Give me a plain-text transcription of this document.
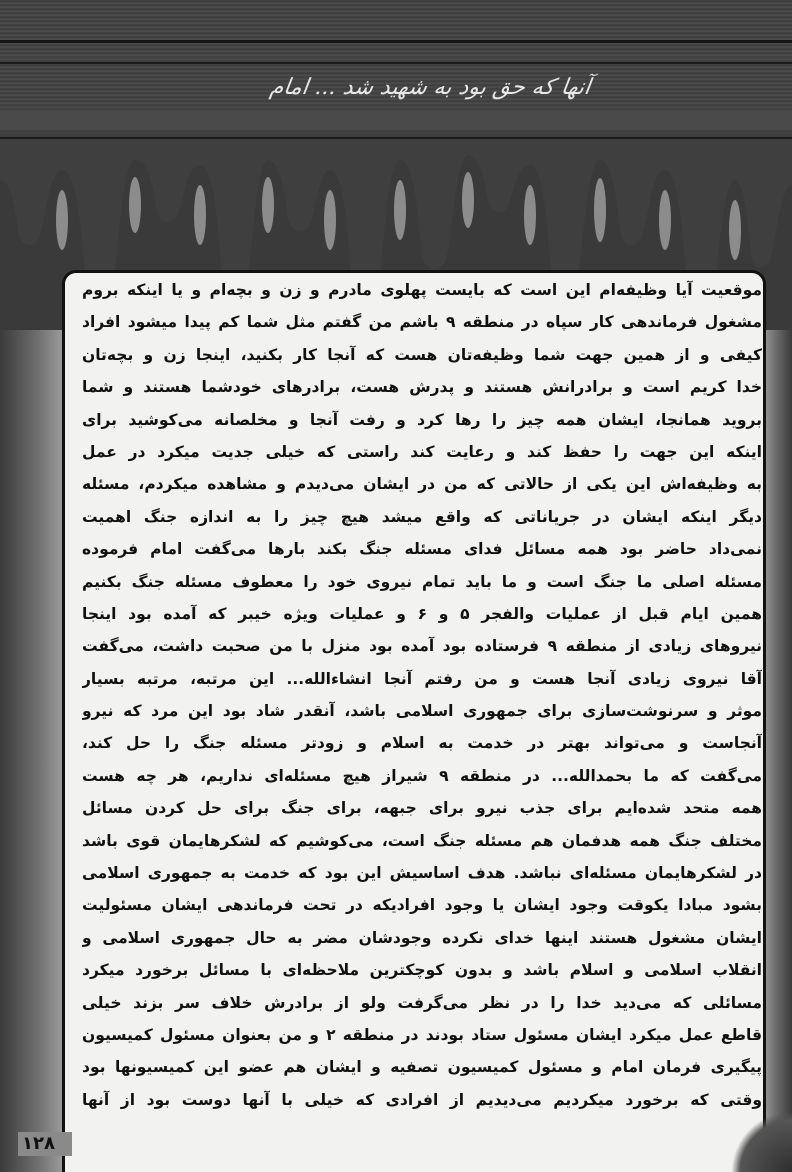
آنها که حق بود به شهید شد ... امام
موقعیت آیا وظیفه‌ام این است که بایست پهلوی مادرم و زن و بچه‌ام و یا اینکه بروم
مشغول فرماندهی کار سپاه در منطقه ۹ باشم من گفتم مثل شما کم پیدا میشود افراد
کیفی و از همین جهت شما وظیفه‌تان هست که آنجا کار بکنید، اینجا زن و بچه‌تان
خدا کریم است و برادرانش هستند و پدرش هست، برادرهای خودشما هستند و شما
بروید همانجا، ایشان همه چیز را رها کرد و رفت آنجا و مخلصانه می‌کوشید برای
اینکه این جهت را حفظ کند و رعایت کند راستی که خیلی جدیت میکرد در عمل
به وظیفه‌اش این یکی از حالاتی که من در ایشان می‌دیدم و مشاهده میکردم، مسئله
دیگر اینکه ایشان در جریاناتی که واقع میشد هیچ چیز را به اندازه جنگ اهمیت
نمی‌داد حاضر بود همه مسائل فدای مسئله جنگ بکند بارها می‌گفت امام فرموده
مسئله اصلی ما جنگ است و ما باید تمام نیروی خود را معطوف مسئله جنگ بکنیم
همین ایام قبل از عملیات والفجر ۵ و ۶ و عملیات ویژه خیبر که آمده بود اینجا
نیروهای زیادی از منطقه ۹ فرستاده بود آمده بود منزل با من صحبت داشت، می‌گفت
آقا نیروی زیادی آنجا هست و من رفتم آنجا انشاءالله... این مرتبه، مرتبه بسیار
موثر و سرنوشت‌سازی برای جمهوری اسلامی باشد، آنقدر شاد بود این مرد که نیرو
آنجاست و می‌تواند بهتر در خدمت به اسلام و زودتر مسئله جنگ را حل کند،
می‌گفت که ما بحمدالله... در منطقه ۹ شیراز هیچ مسئله‌ای نداریم، هر چه هست
همه متحد شده‌ایم برای جذب نیرو برای جبهه، برای جنگ برای حل کردن مسائل
مختلف جنگ همه هدفمان هم مسئله جنگ است، می‌کوشیم که لشکرهایمان قوی باشد
در لشکرهایمان مسئله‌ای نباشد. هدف اساسیش این بود که خدمت به جمهوری اسلامی
بشود مبادا یکوقت وجود ایشان یا وجود افرادیکه در تحت فرماندهی ایشان مسئولیت
ایشان مشغول هستند اینها خدای نکرده وجودشان مضر به حال جمهوری اسلامی و
انقلاب اسلامی و اسلام باشد و بدون کوچکترین ملاحظه‌ای با مسائل برخورد میکرد
مسائلی که می‌دید خدا را در نظر می‌گرفت ولو از برادرش خلاف سر بزند خیلی
قاطع عمل میکرد ایشان مسئول ستاد بودند در منطقه ۲ و من بعنوان مسئول کمیسیون
پیگیری فرمان امام و مسئول کمیسیون تصفیه و ایشان هم عضو این کمیسیونها بود
وقتی که برخورد میکردیم می‌دیدیم از افرادی که خیلی با آنها دوست بود از آنها
۱۲۸
